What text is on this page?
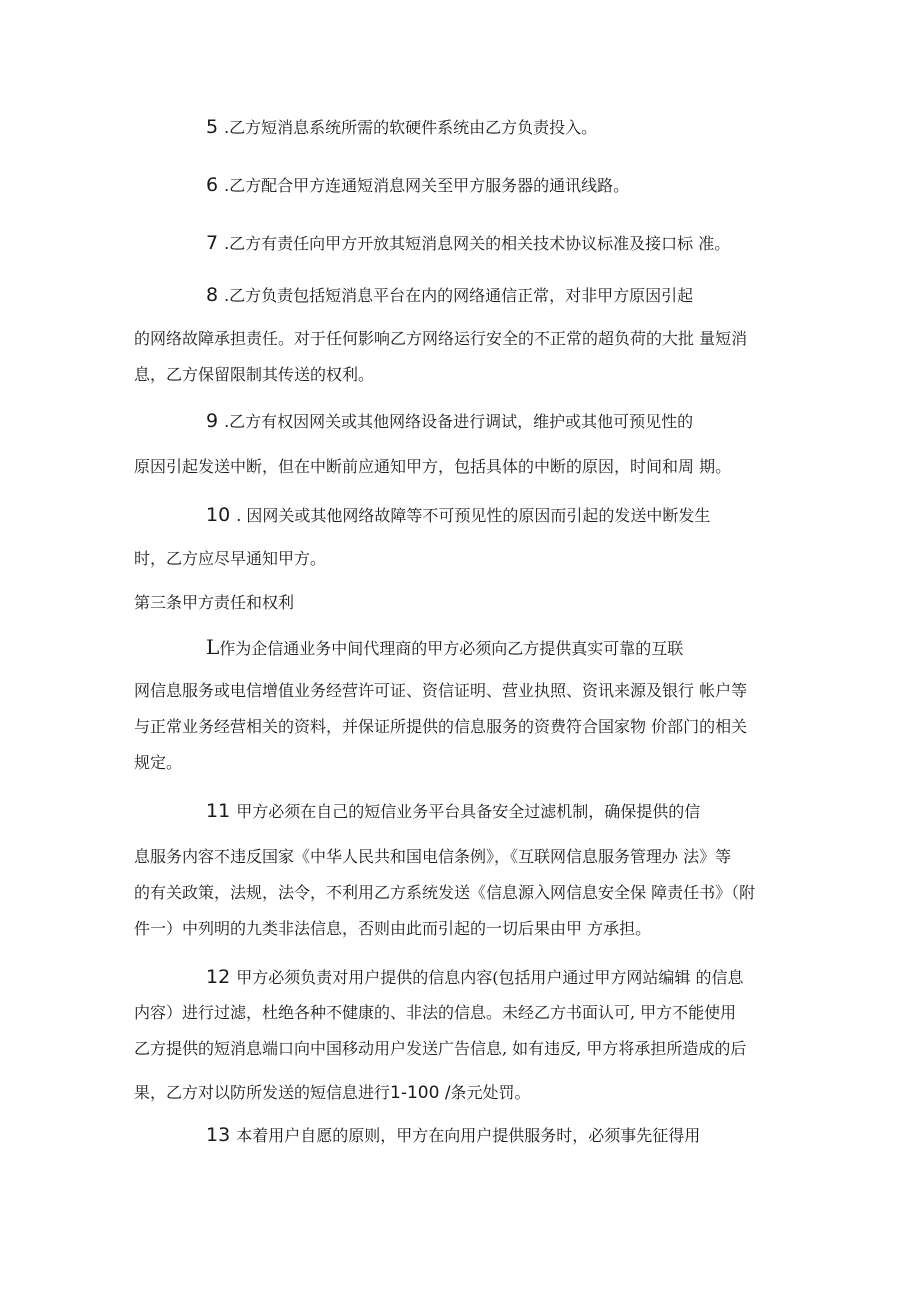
5 .乙方短消息系统所需的软硬件系统由乙方负责投入。

6 .乙方配合甲方连通短消息网关至甲方服务器的通讯线路。

7 .乙方有责任向甲方开放其短消息网关的相关技术协议标准及接口标 准。

8 .乙方负责包括短消息平台在内的网络通信正常，对非甲方原因引起

的网络故障承担责任。对于任何影响乙方网络运行安全的不正常的超负荷的大批 量短消

息，乙方保留限制其传送的权利。

9 .乙方有权因网关或其他网络设备进行调试，维护或其他可预见性的

原因引起发送中断，但在中断前应通知甲方，包括具体的中断的原因，时间和周 期。

10 . 因网关或其他网络故障等不可预见性的原因而引起的发送中断发生

时，乙方应尽早通知甲方。

第三条甲方责任和权利

L作为企信通业务中间代理商的甲方必须向乙方提供真实可靠的互联

网信息服务或电信增值业务经营许可证、资信证明、营业执照、资讯来源及银行 帐户等

与正常业务经营相关的资料，并保证所提供的信息服务的资费符合国家物 价部门的相关

规定。

11 甲方必须在自己的短信业务平台具备安全过滤机制，确保提供的信

息服务内容不违反国家《中华人民共和国电信条例》，《互联网信息服务管理办 法》等

的有关政策，法规，法令，不利用乙方系统发送《信息源入网信息安全保 障责任书》（附

件一）中列明的九类非法信息，否则由此而引起的一切后果由甲 方承担。

12 甲方必须负责对用户提供的信息内容(包括用户通过甲方网站编辑 的信息

内容）进行过滤，杜绝各种不健康的、非法的信息。未经乙方书面认可, 甲方不能使用

乙方提供的短消息端口向中国移动用户发送广告信息, 如有违反, 甲方将承担所造成的后

果，乙方对以防所发送的短信息进行1-100 /条元处罚。

13 本着用户自愿的原则，甲方在向用户提供服务时，必须事先征得用
